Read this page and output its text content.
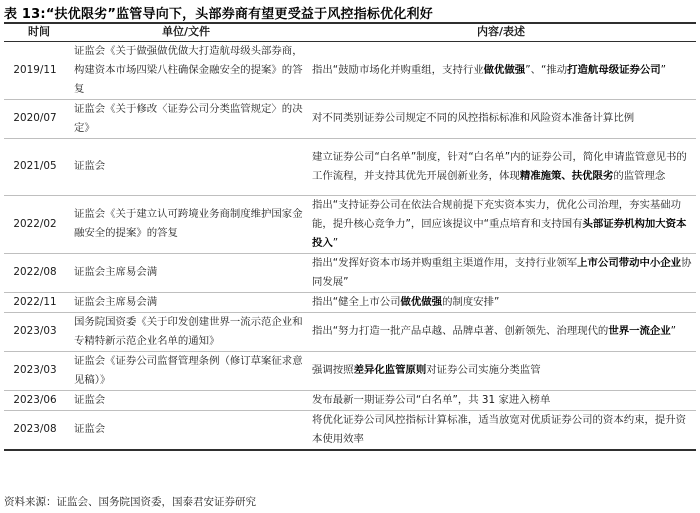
表 13:“扶优限劣”监管导向下，头部券商有望更受益于风控指标优化利好
时间	单位/文件	内容/表述
2019/11	证监会《关于做强做优做大打造航母级头部券商，构建资本市场四梁八柱确保金融安全的提案》的答复	指出“鼓励市场化并购重组，支持行业做优做强”、“推动打造航母级证券公司”
2020/07	证监会《关于修改〈证券公司分类监管规定〉的决定》	对不同类别证券公司规定不同的风控指标标准和风险资本准备计算比例
2021/05	证监会	建立证券公司“白名单”制度，针对“白名单”内的证券公司，简化申请监管意见书的工作流程，并支持其优先开展创新业务，体现精准施策、扶优限劣的监管理念
2022/02	证监会《关于建立认可跨境业务商制度维护国家金融安全的提案》的答复	指出“支持证券公司在依法合规前提下充实资本实力，优化公司治理，夯实基础功能，提升核心竞争力”，回应该提议中“重点培育和支持国有头部证券机构加大资本投入”
2022/08	证监会主席易会满	指出“发挥好资本市场并购重组主渠道作用，支持行业领军上市公司带动中小企业协同发展”
2022/11	证监会主席易会满	指出“健全上市公司做优做强的制度安排”
2023/03	国务院国资委《关于印发创建世界一流示范企业和专精特新示范企业名单的通知》	指出“努力打造一批产品卓越、品牌卓著、创新领先、治理现代的世界一流企业”
2023/03	证监会《证券公司监督管理条例（修订草案征求意见稿）》	强调按照差异化监管原则对证券公司实施分类监管
2023/06	证监会	发布最新一期证券公司“白名单”，共 31 家进入榜单
2023/08	证监会	将优化证券公司风控指标计算标准，适当放宽对优质证券公司的资本约束，提升资本使用效率
资料来源：证监会、国务院国资委，国泰君安证券研究
